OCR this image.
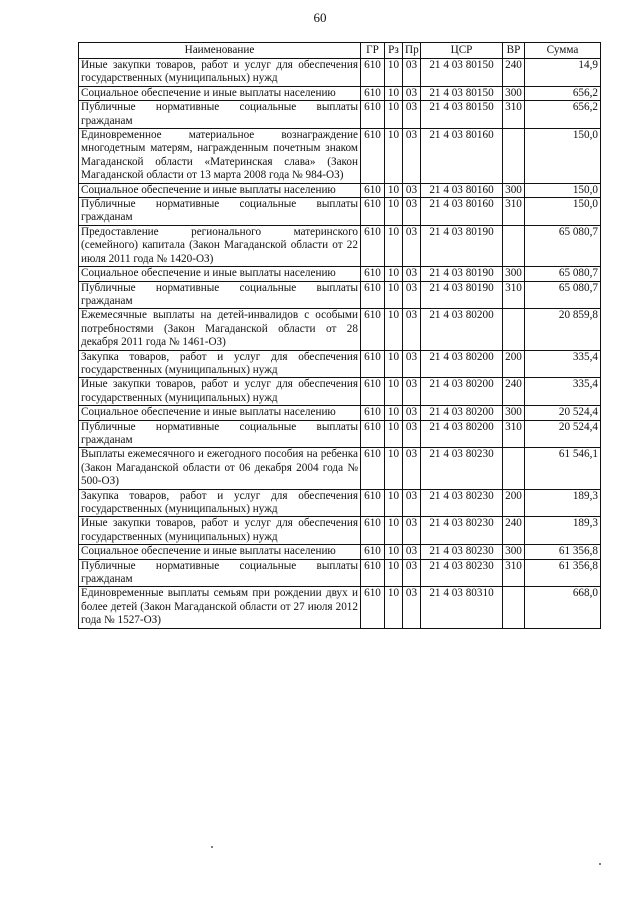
60
Наименование	ГР	Рз	Пр	ЦСР	ВР	Сумма
Иные закупки товаров, работ и услуг для обеспечения государственных (муниципальных) нужд	610	10	03	21 4 03 80150	240	14,9
Социальное обеспечение и иные выплаты населению	610	10	03	21 4 03 80150	300	656,2
Публичные нормативные социальные выплаты гражданам	610	10	03	21 4 03 80150	310	656,2
Единовременное материальное вознаграждение многодетным матерям, награжденным почетным знаком Магаданской области «Материнская слава» (Закон Магаданской области от 13 марта 2008 года № 984-ОЗ)	610	10	03	21 4 03 80160		150,0
Социальное обеспечение и иные выплаты населению	610	10	03	21 4 03 80160	300	150,0
Публичные нормативные социальные выплаты гражданам	610	10	03	21 4 03 80160	310	150,0
Предоставление регионального материнского (семейного) капитала (Закон Магаданской области от 22 июля 2011 года № 1420-ОЗ)	610	10	03	21 4 03 80190		65 080,7
Социальное обеспечение и иные выплаты населению	610	10	03	21 4 03 80190	300	65 080,7
Публичные нормативные социальные выплаты гражданам	610	10	03	21 4 03 80190	310	65 080,7
Ежемесячные выплаты на детей-инвалидов с особыми потребностями (Закон Магаданской области от 28 декабря 2011 года № 1461-ОЗ)	610	10	03	21 4 03 80200		20 859,8
Закупка товаров, работ и услуг для обеспечения государственных (муниципальных) нужд	610	10	03	21 4 03 80200	200	335,4
Иные закупки товаров, работ и услуг для обеспечения государственных (муниципальных) нужд	610	10	03	21 4 03 80200	240	335,4
Социальное обеспечение и иные выплаты населению	610	10	03	21 4 03 80200	300	20 524,4
Публичные нормативные социальные выплаты гражданам	610	10	03	21 4 03 80200	310	20 524,4
Выплаты ежемесячного и ежегодного пособия на ребенка (Закон Магаданской области от 06 декабря 2004 года № 500-ОЗ)	610	10	03	21 4 03 80230		61 546,1
Закупка товаров, работ и услуг для обеспечения государственных (муниципальных) нужд	610	10	03	21 4 03 80230	200	189,3
Иные закупки товаров, работ и услуг для обеспечения государственных (муниципальных) нужд	610	10	03	21 4 03 80230	240	189,3
Социальное обеспечение и иные выплаты населению	610	10	03	21 4 03 80230	300	61 356,8
Публичные нормативные социальные выплаты гражданам	610	10	03	21 4 03 80230	310	61 356,8
Единовременные выплаты семьям при рождении двух и более детей (Закон Магаданской области от 27 июля 2012 года № 1527-ОЗ)	610	10	03	21 4 03 80310		668,0
